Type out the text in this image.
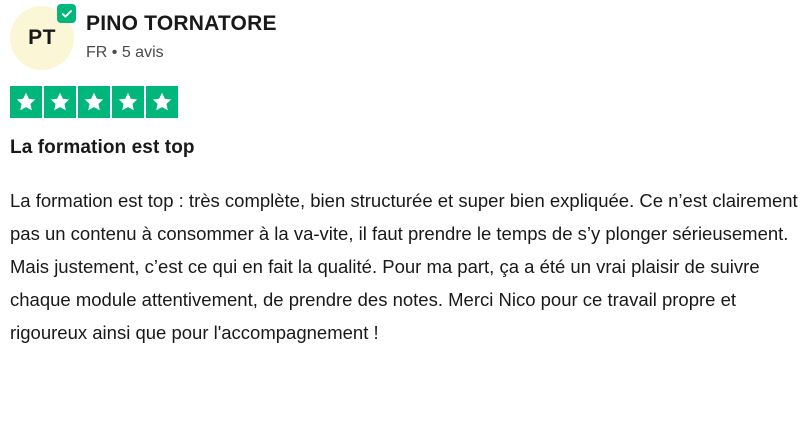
PT
PINO TORNATORE
FR • 5 avis
La formation est top
La formation est top : très complète, bien structurée et super bien expliquée. Ce n’est clairement pas un contenu à consommer à la va-vite, il faut prendre le temps de s’y plonger sérieusement. Mais justement, c’est ce qui en fait la qualité. Pour ma part, ça a été un vrai plaisir de suivre chaque module attentivement, de prendre des notes. Merci Nico pour ce travail propre et rigoureux ainsi que pour l'accompagnement !
